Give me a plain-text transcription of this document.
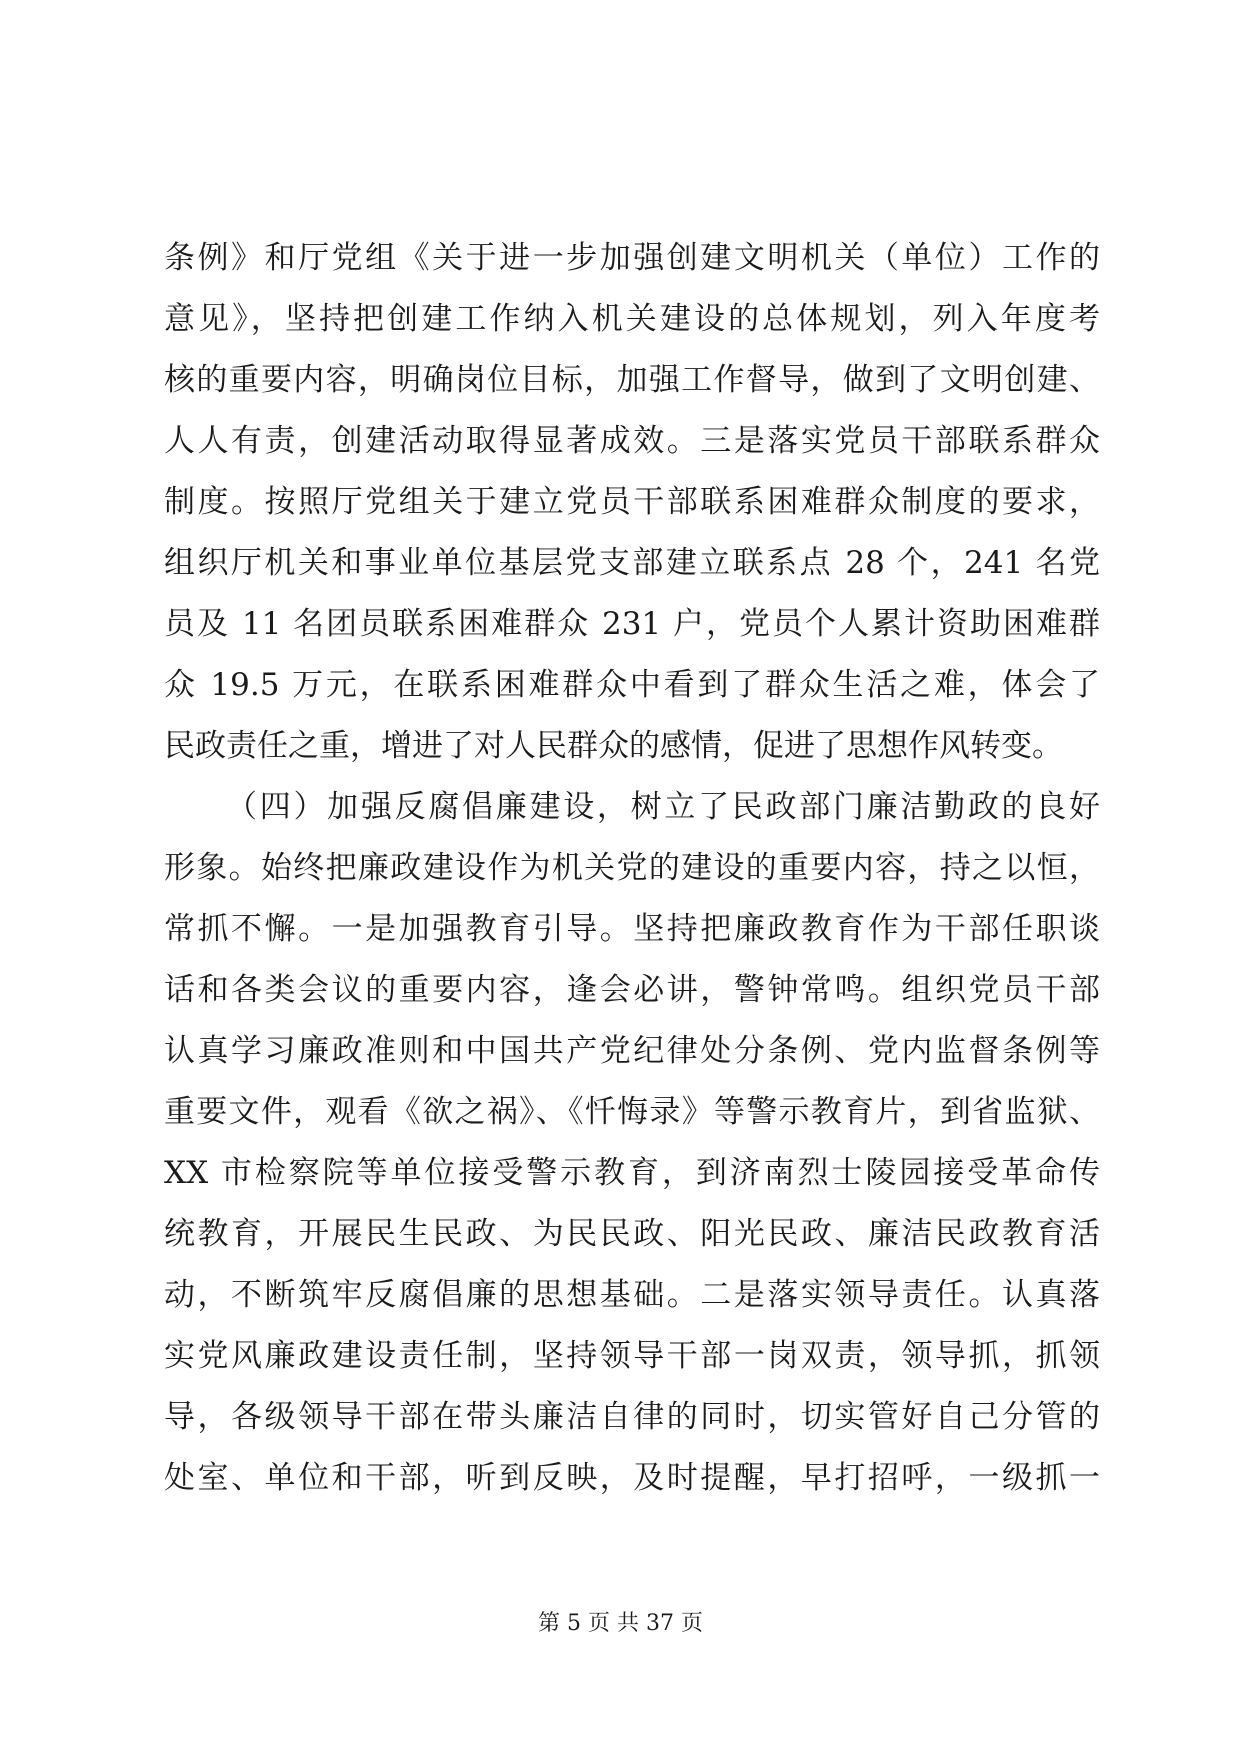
条例》和厅党组《关于进一步加强创建文明机关（单位）工作的
意见》，坚持把创建工作纳入机关建设的总体规划，列入年度考
核的重要内容，明确岗位目标，加强工作督导，做到了文明创建、
人人有责，创建活动取得显著成效。三是落实党员干部联系群众
制度。按照厅党组关于建立党员干部联系困难群众制度的要求，
组织厅机关和事业单位基层党支部建立联系点 28 个，241 名党
员及 11 名团员联系困难群众 231 户，党员个人累计资助困难群
众 19.5 万元，在联系困难群众中看到了群众生活之难，体会了
民政责任之重，增进了对人民群众的感情，促进了思想作风转变。
（四）加强反腐倡廉建设，树立了民政部门廉洁勤政的良好
形象。始终把廉政建设作为机关党的建设的重要内容，持之以恒，
常抓不懈。一是加强教育引导。坚持把廉政教育作为干部任职谈
话和各类会议的重要内容，逢会必讲，警钟常鸣。组织党员干部
认真学习廉政准则和中国共产党纪律处分条例、党内监督条例等
重要文件，观看《欲之祸》、《忏悔录》等警示教育片，到省监狱、
XX 市检察院等单位接受警示教育，到济南烈士陵园接受革命传
统教育，开展民生民政、为民民政、阳光民政、廉洁民政教育活
动，不断筑牢反腐倡廉的思想基础。二是落实领导责任。认真落
实党风廉政建设责任制，坚持领导干部一岗双责，领导抓，抓领
导，各级领导干部在带头廉洁自律的同时，切实管好自己分管的
处室、单位和干部，听到反映，及时提醒，早打招呼，一级抓一
第 5 页 共 37 页
